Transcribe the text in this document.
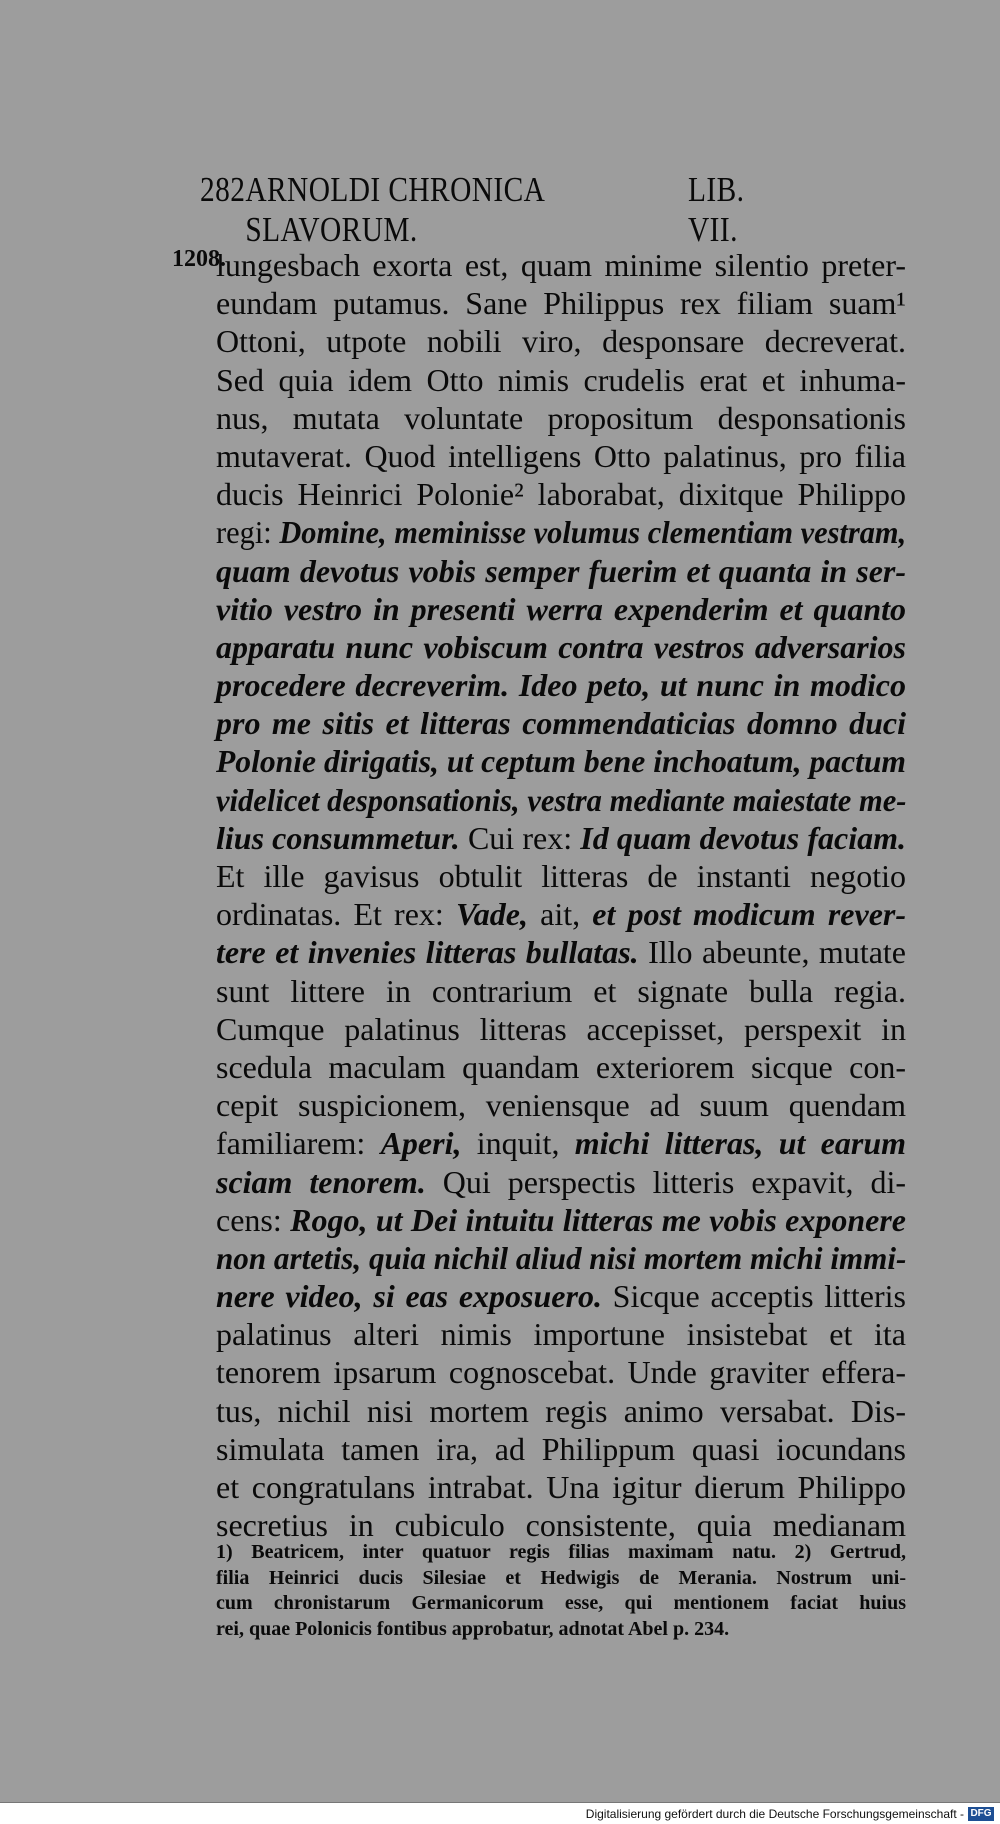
282 ARNOLDI CHRONICA SLAVORUM.
LIB. VII.
1208.
lungesbach exorta est, quam minime silentio preter-
eundam putamus. Sane Philippus rex filiam suam¹
Ottoni, utpote nobili viro, desponsare decreverat.
Sed quia idem Otto nimis crudelis erat et inhuma-
nus, mutata voluntate propositum desponsationis
mutaverat. Quod intelligens Otto palatinus, pro filia
ducis Heinrici Polonie² laborabat, dixitque Philippo
regi: Domine, meminisse volumus clementiam vestram,
quam devotus vobis semper fuerim et quanta in ser-
vitio vestro in presenti werra expenderim et quanto
apparatu nunc vobiscum contra vestros adversarios
procedere decreverim. Ideo peto, ut nunc in modico
pro me sitis et litteras commendaticias domno duci
Polonie dirigatis, ut ceptum bene inchoatum, pactum
videlicet desponsationis, vestra mediante maiestate me-
lius consummetur. Cui rex: Id quam devotus faciam.
Et ille gavisus obtulit litteras de instanti negotio
ordinatas. Et rex: Vade, ait, et post modicum rever-
tere et invenies litteras bullatas. Illo abeunte, mutate
sunt littere in contrarium et signate bulla regia.
Cumque palatinus litteras accepisset, perspexit in
scedula maculam quandam exteriorem sicque con-
cepit suspicionem, veniensque ad suum quendam
familiarem: Aperi, inquit, michi litteras, ut earum
sciam tenorem. Qui perspectis litteris expavit, di-
cens: Rogo, ut Dei intuitu litteras me vobis exponere
non artetis, quia nichil aliud nisi mortem michi immi-
nere video, si eas exposuero. Sicque acceptis litteris
palatinus alteri nimis importune insistebat et ita
tenorem ipsarum cognoscebat. Unde graviter effera-
tus, nichil nisi mortem regis animo versabat. Dis-
simulata tamen ira, ad Philippum quasi iocundans
et congratulans intrabat. Una igitur dierum Philippo
secretius in cubiculo consistente, quia medianam
1) Beatricem, inter quatuor regis filias maximam natu. 2) Gertrud,
filia Heinrici ducis Silesiae et Hedwigis de Merania. Nostrum uni-
cum chronistarum Germanicorum esse, qui mentionem faciat huius
rei, quae Polonicis fontibus approbatur, adnotat Abel p. 234.
Digitalisierung gefördert durch die Deutsche Forschungsgemeinschaft - DFG
